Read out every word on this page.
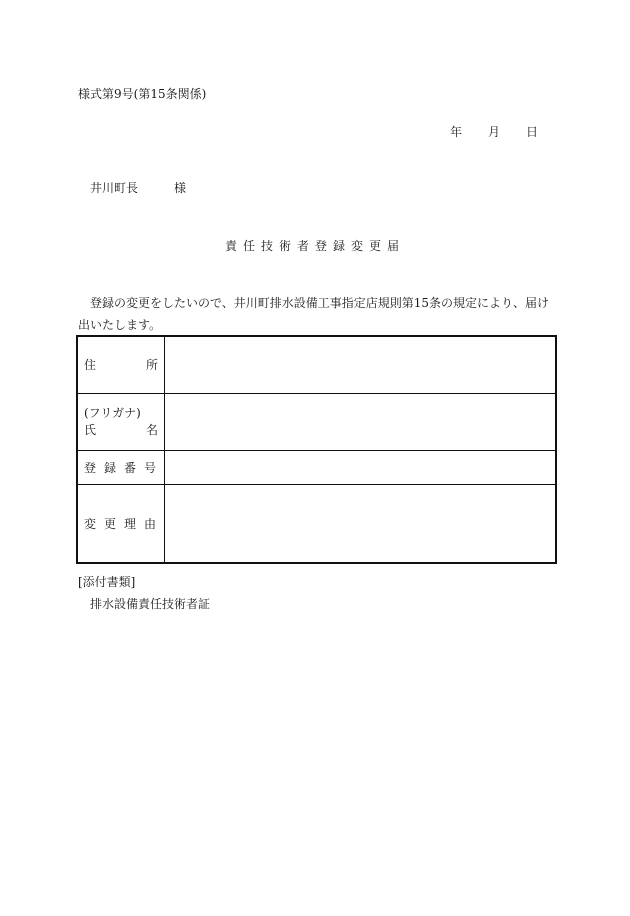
様式第9号(第15条関係)
年 月 日
井川町長	様
責任技術者登録変更届
登録の変更をしたいので、井川町排水設備工事指定店規則第15条の規定により、届け出いたします。
住 所	

(フリガナ)
氏 名	

登 録 番 号	

変 更 理 由	

[添付書類]
排水設備責任技術者証
